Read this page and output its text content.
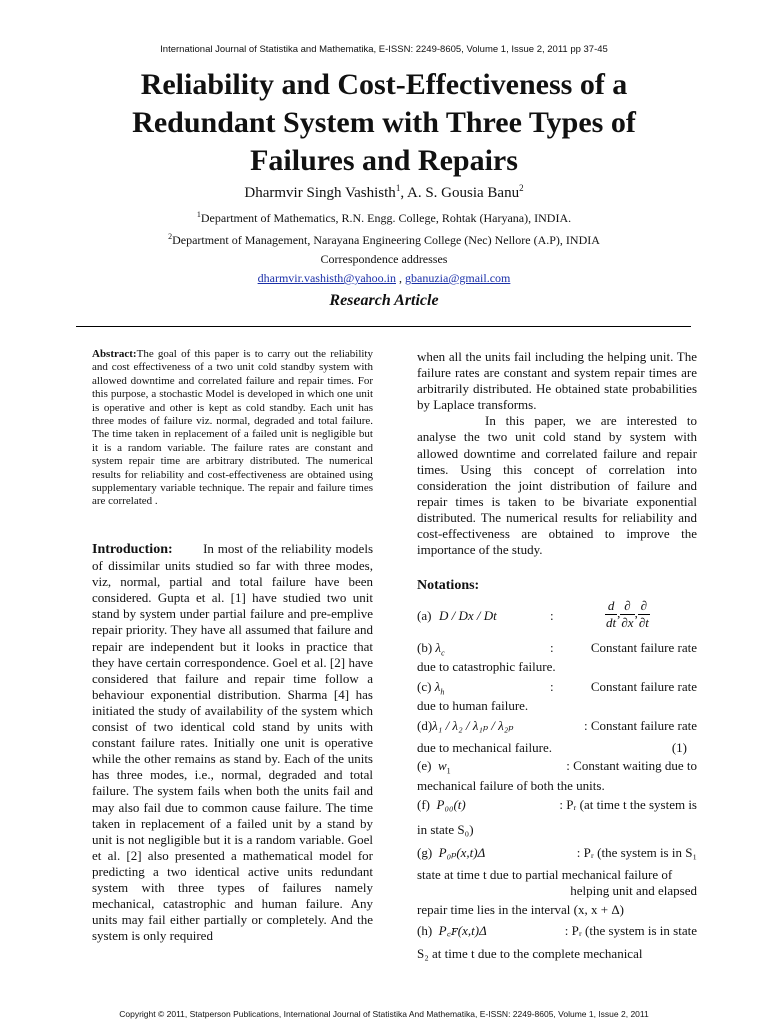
International Journal of Statistika and Mathematika, E-ISSN: 2249-8605, Volume 1, Issue 2, 2011 pp 37-45
Reliability and Cost-Effectiveness of a
Redundant System with Three Types of
Failures and Repairs
Dharmvir Singh Vashisth$^1$, A. S. Gousia Banu$^2$
$^1$Department of Mathematics, R.N. Engg. College, Rohtak (Haryana), INDIA.
$^2$Department of Management, Narayana Engineering College (Nec) Nellore (A.P), INDIA
Correspondence addresses
dharmvir.vashisth@yahoo.in , gbanuzia@gmail.com
Research Article
Abstract:The goal of this paper is to carry out the reliability and cost effectiveness of a two unit cold standby system with allowed downtime and correlated failure and repair times. For this purpose, a stochastic Model is developed in which one unit is operative and other is kept as cold standby. Each unit has three modes of failure viz. normal, degraded and total failure. The time taken in replacement of a failed unit is negligible but it is a random variable. The failure rates are constant and system repair time are arbitrary distributed. The numerical results for reliability and cost-effectiveness are obtained using supplementary variable technique. The repair and failure times are correlated .
Introduction: In most of the reliability models of dissimilar units studied so far with three modes, viz, normal, partial and total failure have been considered. Gupta et al. [1] have studied two unit stand by system under partial failure and pre-emplive repair priority. They have all assumed that failure and repair are independent but it looks in practice that they have certain correspondence. Goel et al. [2] have considered that failure and repair time follow a behaviour exponential distribution. Sharma [4] has initiated the study of availability of the system which consist of two identical cold stand by units with constant failure rates. Initially one unit is operative while the other remains as stand by. Each of the units has three modes, i.e., normal, degraded and total failure. The system fails when both the units fail and may also fail due to common cause failure. The time taken in replacement of a failed unit by a stand by unit is not negligible but it is a random variable. Goel et al. [2] also presented a mathematical model for predicting a two identical active units redundant system with three types of failures namely mechanical, catastrophic and human failure. Any units may fail either partially or completely. And the system is only required

when all the units fail including the helping unit. The failure rates are constant and system repair times are arbitrarily distributed. He obtained state probabilities by Laplace transforms.

In this paper, we are interested to analyse the two unit cold stand by system with allowed downtime and correlated failure and repair times. Using this concept of correlation into consideration the joint distribution of failure and repair times is taken to be bivariate exponential distributed. The numerical results for reliability and cost-effectiveness are obtained to improve the importance of the study.

Notations:
(a) D / Dx / Dt	:	$\frac{d}{dt}$ , $\frac{\partial}{\partial x}$ , $\frac{\partial}{\partial t}$
(b) $\lambda_c$	:	Constant failure rate
due to catastrophic failure.
(c) $\lambda_h$	:	Constant failure rate
due to human failure.
(d)λ₁ / λ₂ / λ₁ₚ / λ₂ₚ	: Constant failure rate
due to mechanical failure.	(1)
(e) $w_1$	: Constant waiting due to
mechanical failure of both the units.
(f) P₀₀(t)	: Pᵣ (at time t the system is
in state S₀)
(g) P₀ₚ(x,t)Δ	: Pᵣ (the system is in S₁
state at time t due to partial mechanical failure of
helping unit and elapsed
repair time lies in the interval (x, x + Δ)
(h) P꜀ꜰ(x,t)Δ	: Pᵣ (the system is in state
S₂ at time t due to the complete mechanical
Copyright © 2011, Statperson Publications, International Journal of Statistika And Mathematika, E-ISSN: 2249-8605, Volume 1, Issue 2, 2011
